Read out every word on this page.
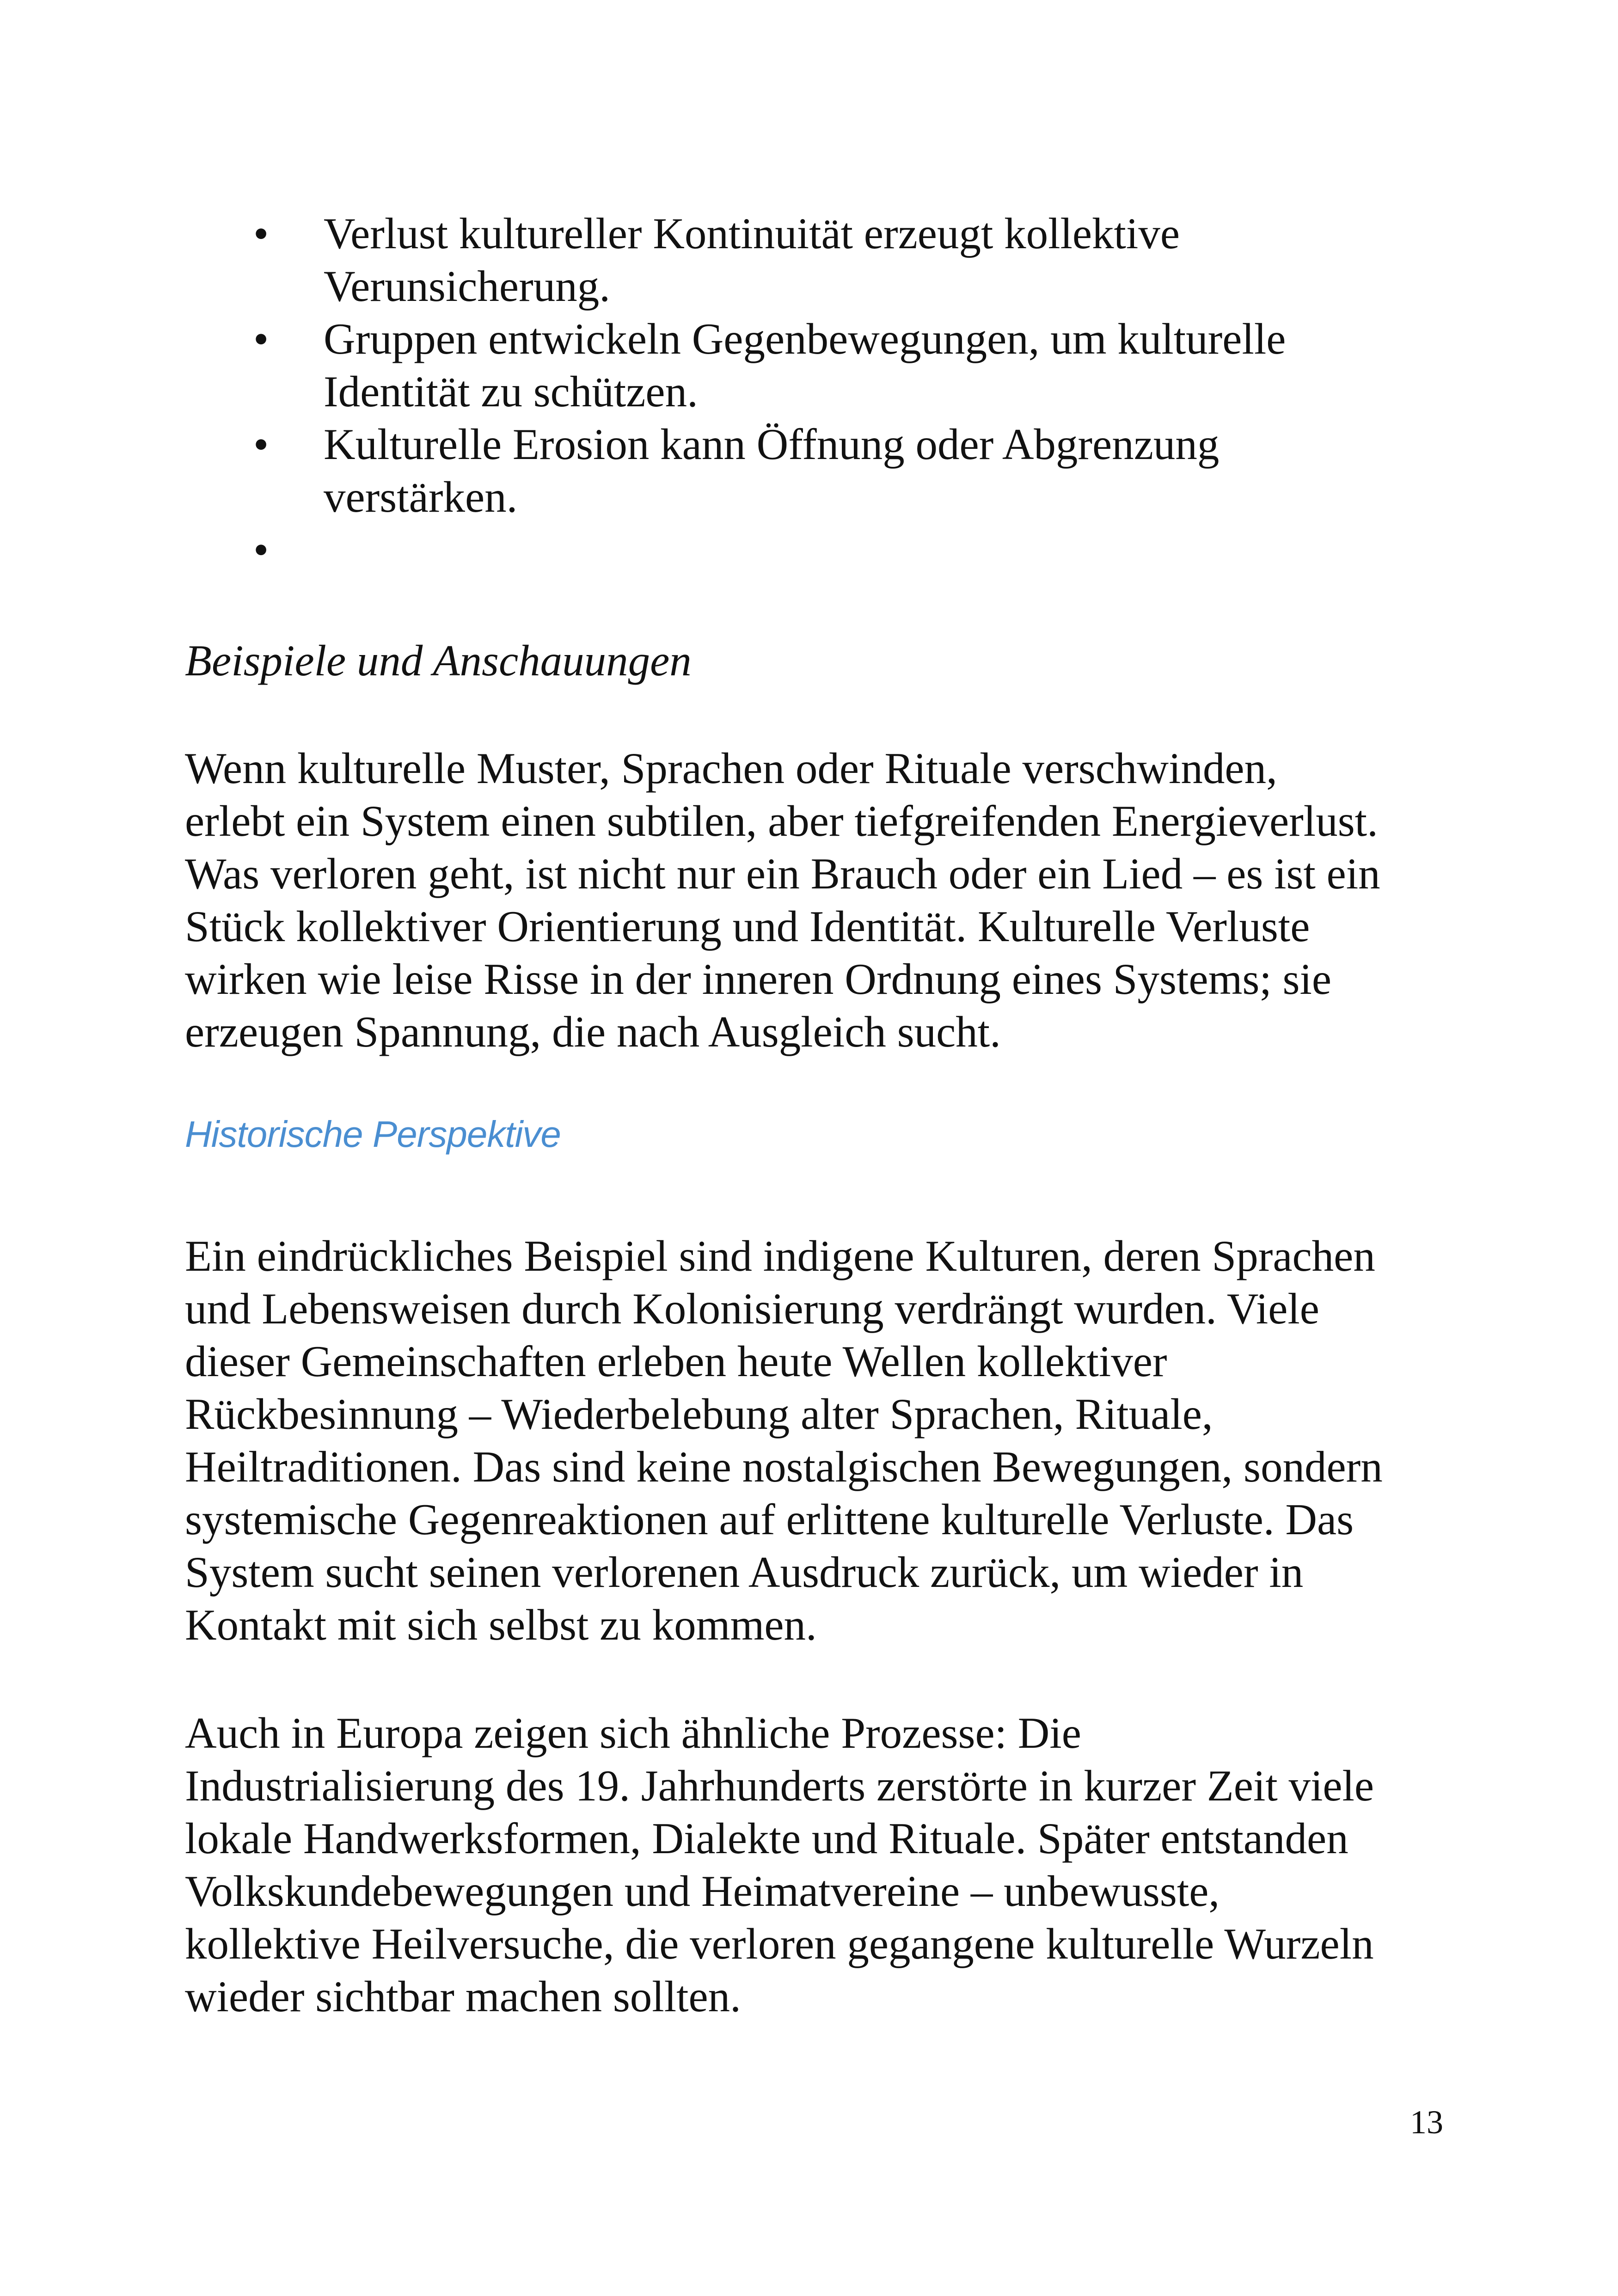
• Verlust kultureller Kontinuität erzeugt kollektive
Verunsicherung.
• Gruppen entwickeln Gegenbewegungen, um kulturelle
Identität zu schützen.
• Kulturelle Erosion kann Öffnung oder Abgrenzung
verstärken.
•

Beispiele und Anschauungen

Wenn kulturelle Muster, Sprachen oder Rituale verschwinden,
erlebt ein System einen subtilen, aber tiefgreifenden Energieverlust.
Was verloren geht, ist nicht nur ein Brauch oder ein Lied – es ist ein
Stück kollektiver Orientierung und Identität. Kulturelle Verluste
wirken wie leise Risse in der inneren Ordnung eines Systems; sie
erzeugen Spannung, die nach Ausgleich sucht.

Historische Perspektive

Ein eindrückliches Beispiel sind indigene Kulturen, deren Sprachen
und Lebensweisen durch Kolonisierung verdrängt wurden. Viele
dieser Gemeinschaften erleben heute Wellen kollektiver
Rückbesinnung – Wiederbelebung alter Sprachen, Rituale,
Heiltraditionen. Das sind keine nostalgischen Bewegungen, sondern
systemische Gegenreaktionen auf erlittene kulturelle Verluste. Das
System sucht seinen verlorenen Ausdruck zurück, um wieder in
Kontakt mit sich selbst zu kommen.

Auch in Europa zeigen sich ähnliche Prozesse: Die
Industrialisierung des 19. Jahrhunderts zerstörte in kurzer Zeit viele
lokale Handwerksformen, Dialekte und Rituale. Später entstanden
Volkskundebewegungen und Heimatvereine – unbewusste,
kollektive Heilversuche, die verloren gegangene kulturelle Wurzeln
wieder sichtbar machen sollten.

13
